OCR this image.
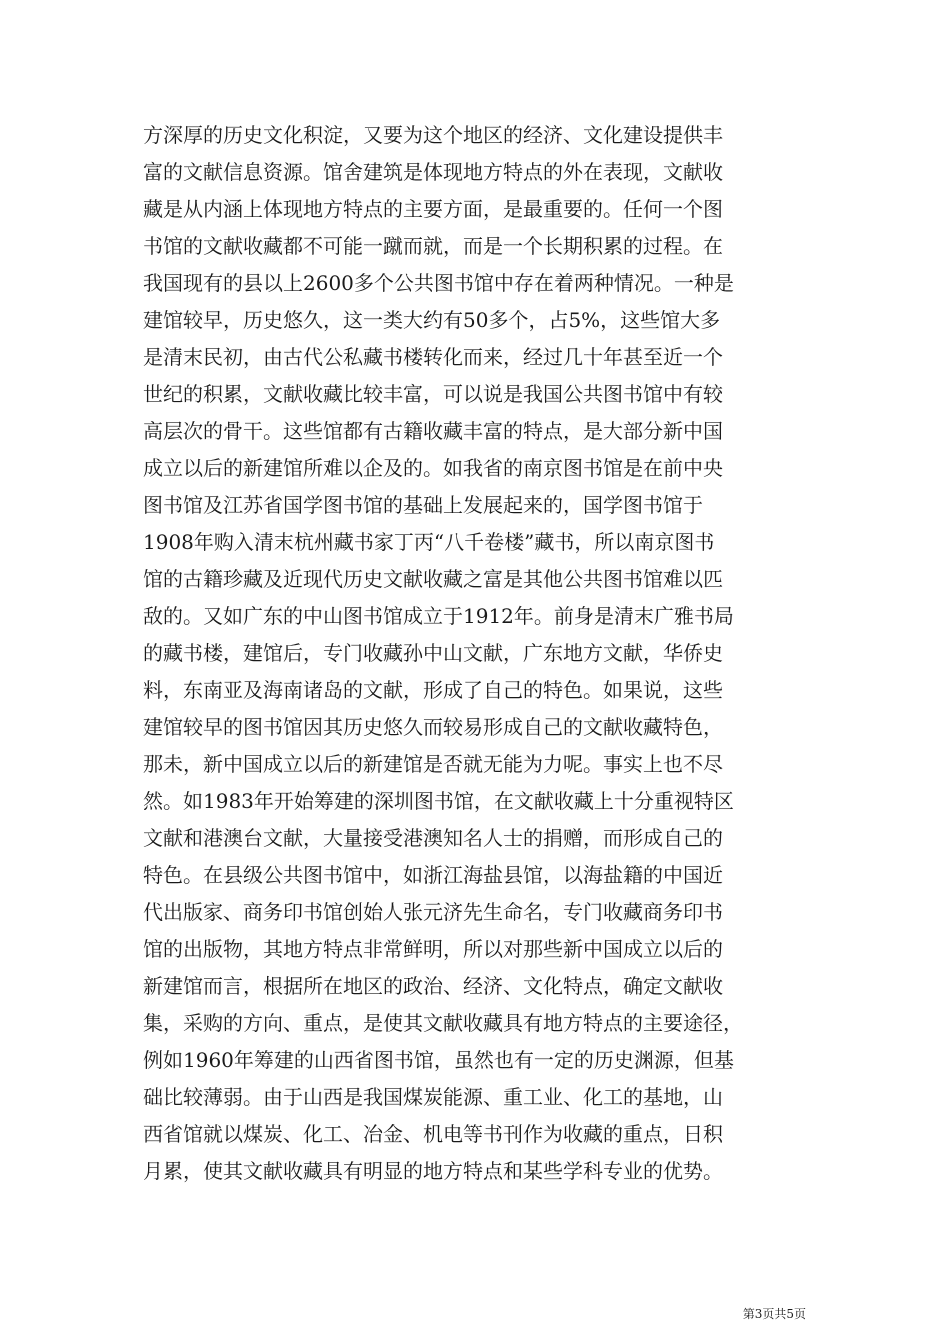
方深厚的历史文化积淀，又要为这个地区的经济、文化建设提供丰
富的文献信息资源。馆舍建筑是体现地方特点的外在表现，文献收
藏是从内涵上体现地方特点的主要方面，是最重要的。任何一个图
书馆的文献收藏都不可能一蹴而就，而是一个长期积累的过程。在
我国现有的县以上2600多个公共图书馆中存在着两种情况。一种是
建馆较早，历史悠久，这一类大约有50多个，占5%，这些馆大多
是清末民初，由古代公私藏书楼转化而来，经过几十年甚至近一个
世纪的积累，文献收藏比较丰富，可以说是我国公共图书馆中有较
高层次的骨干。这些馆都有古籍收藏丰富的特点，是大部分新中国
成立以后的新建馆所难以企及的。如我省的南京图书馆是在前中央
图书馆及江苏省国学图书馆的基础上发展起来的，国学图书馆于
1908年购入清末杭州藏书家丁丙“八千卷楼”藏书，所以南京图书
馆的古籍珍藏及近现代历史文献收藏之富是其他公共图书馆难以匹
敌的。又如广东的中山图书馆成立于1912年。前身是清末广雅书局
的藏书楼，建馆后，专门收藏孙中山文献，广东地方文献，华侨史
料，东南亚及海南诸岛的文献，形成了自己的特色。如果说，这些
建馆较早的图书馆因其历史悠久而较易形成自己的文献收藏特色，
那未，新中国成立以后的新建馆是否就无能为力呢。事实上也不尽
然。如1983年开始筹建的深圳图书馆，在文献收藏上十分重视特区
文献和港澳台文献，大量接受港澳知名人士的捐赠，而形成自己的
特色。在县级公共图书馆中，如浙江海盐县馆，以海盐籍的中国近
代出版家、商务印书馆创始人张元济先生命名，专门收藏商务印书
馆的出版物，其地方特点非常鲜明，所以对那些新中国成立以后的
新建馆而言，根据所在地区的政治、经济、文化特点，确定文献收
集，采购的方向、重点，是使其文献收藏具有地方特点的主要途径，
例如1960年筹建的山西省图书馆，虽然也有一定的历史渊源，但基
础比较薄弱。由于山西是我国煤炭能源、重工业、化工的基地，山
西省馆就以煤炭、化工、冶金、机电等书刊作为收藏的重点，日积
月累，使其文献收藏具有明显的地方特点和某些学科专业的优势。

第3页共5页
